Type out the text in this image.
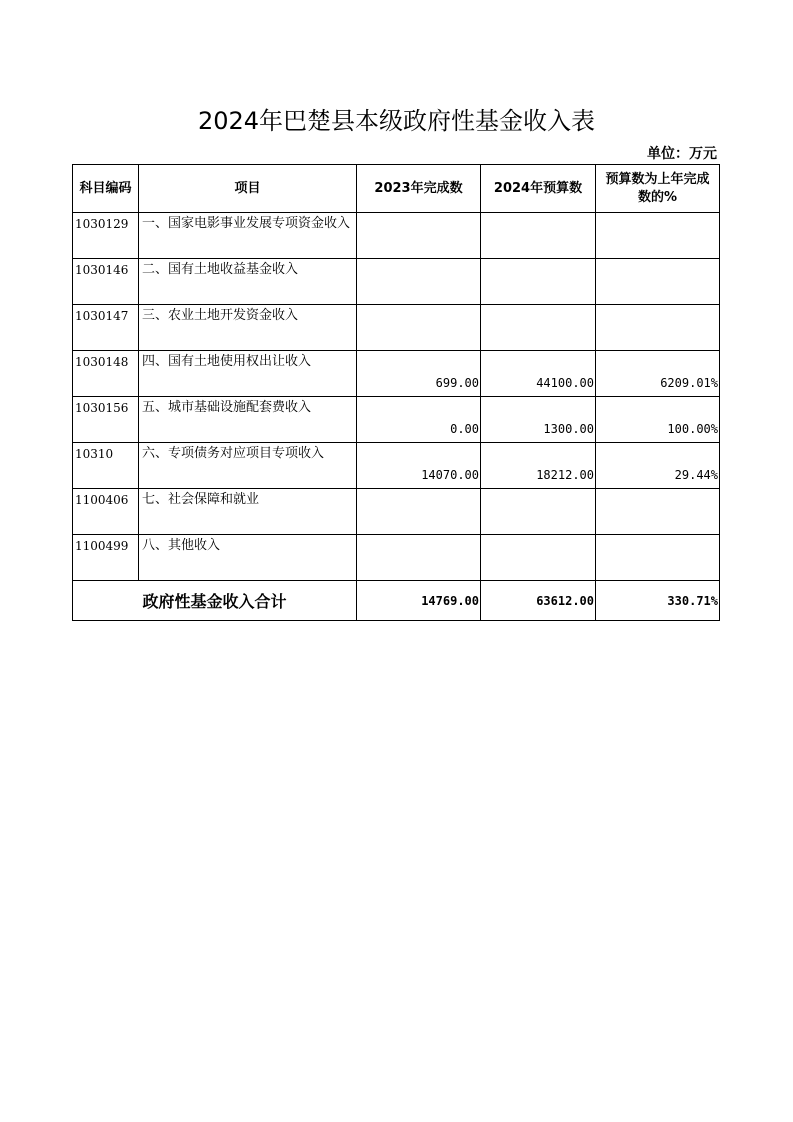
2024年巴楚县本级政府性基金收入表
单位：万元
科目编码	项目	2023年完成数	2024年预算数	预算数为上年完成数的%
1030129	一、国家电影事业发展专项资金收入			
1030146	二、国有土地收益基金收入			
1030147	三、农业土地开发资金收入			
1030148	四、国有土地使用权出让收入	699.00	44100.00	6209.01%
1030156	五、城市基础设施配套费收入	0.00	1300.00	100.00%
10310	六、专项债务对应项目专项收入	14070.00	18212.00	29.44%
1100406	七、社会保障和就业			
1100499	八、其他收入			
政府性基金收入合计		14769.00	63612.00	330.71%
